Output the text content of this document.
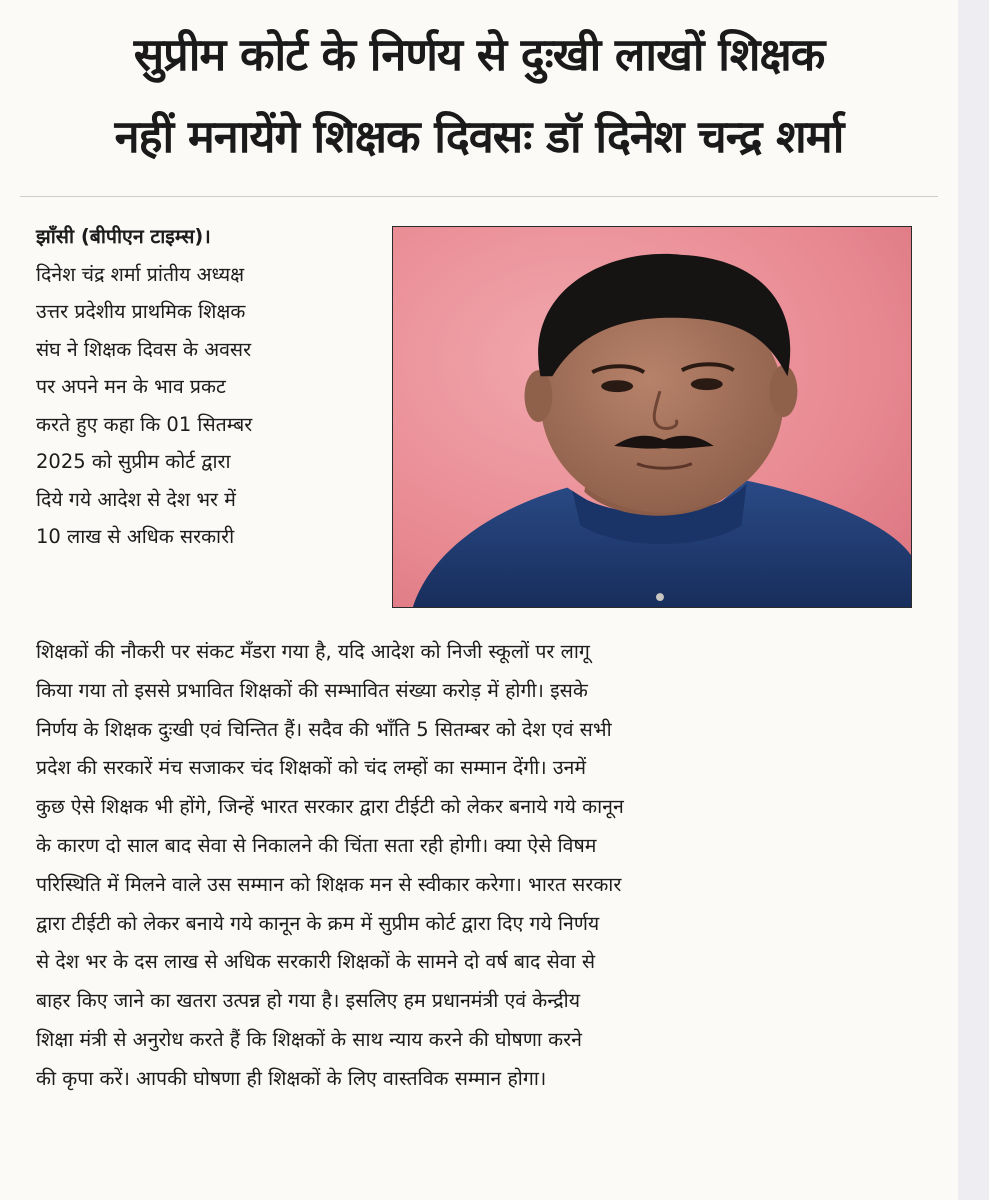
सुप्रीम कोर्ट के निर्णय से दुःखी लाखों शिक्षक
नहीं मनायेंगे शिक्षक दिवसः डॉ दिनेश चन्द्र शर्मा
झाँसी (बीपीएन टाइम्स)।
दिनेश चंद्र शर्मा प्रांतीय अध्यक्ष
उत्तर प्रदेशीय प्राथमिक शिक्षक
संघ ने शिक्षक दिवस के अवसर
पर अपने मन के भाव प्रकट
करते हुए कहा कि 01 सितम्बर
2025 को सुप्रीम कोर्ट द्वारा
दिये गये आदेश से देश भर में
10 लाख से अधिक सरकारी
शिक्षकों की नौकरी पर संकट मँडरा गया है, यदि आदेश को निजी स्कूलों पर लागू
किया गया तो इससे प्रभावित शिक्षकों की सम्भावित संख्या करोड़ में होगी। इसके
निर्णय के शिक्षक दुःखी एवं चिन्तित हैं। सदैव की भाँति 5 सितम्बर को देश एवं सभी
प्रदेश की सरकारें मंच सजाकर चंद शिक्षकों को चंद लम्हों का सम्मान देंगी। उनमें
कुछ ऐसे शिक्षक भी होंगे, जिन्हें भारत सरकार द्वारा टीईटी को लेकर बनाये गये कानून
के कारण दो साल बाद सेवा से निकालने की चिंता सता रही होगी। क्या ऐसे विषम
परिस्थिति में मिलने वाले उस सम्मान को शिक्षक मन से स्वीकार करेगा। भारत सरकार
द्वारा टीईटी को लेकर बनाये गये कानून के क्रम में सुप्रीम कोर्ट द्वारा दिए गये निर्णय
से देश भर के दस लाख से अधिक सरकारी शिक्षकों के सामने दो वर्ष बाद सेवा से
बाहर किए जाने का खतरा उत्पन्न हो गया है। इसलिए हम प्रधानमंत्री एवं केन्द्रीय
शिक्षा मंत्री से अनुरोध करते हैं कि शिक्षकों के साथ न्याय करने की घोषणा करने
की कृपा करें। आपकी घोषणा ही शिक्षकों के लिए वास्तविक सम्मान होगा।
